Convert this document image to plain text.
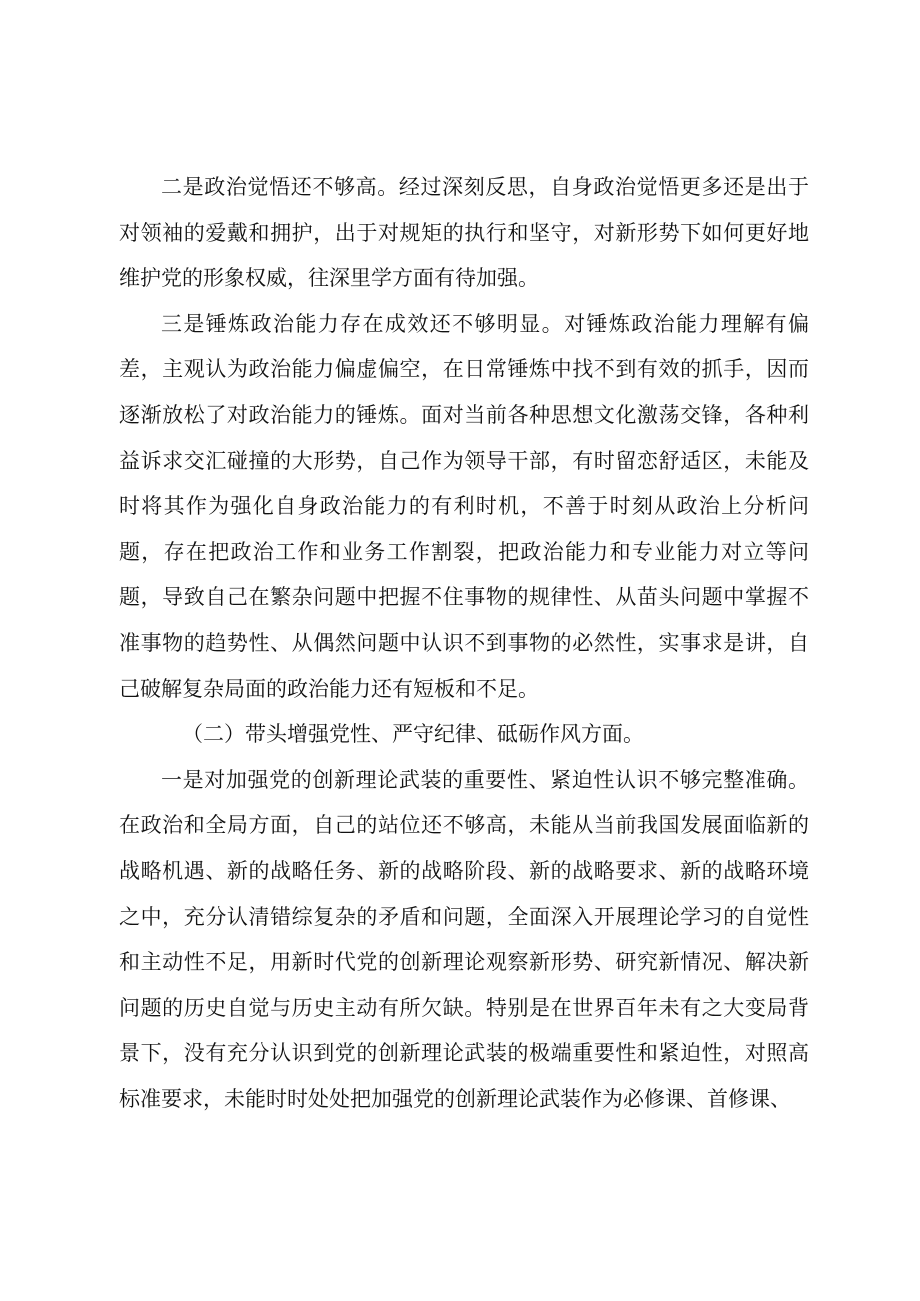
二是政治觉悟还不够高。经过深刻反思，自身政治觉悟更多还是出于对领袖的爱戴和拥护，出于对规矩的执行和坚守，对新形势下如何更好地维护党的形象权威，往深里学方面有待加强。

三是锤炼政治能力存在成效还不够明显。对锤炼政治能力理解有偏差，主观认为政治能力偏虚偏空，在日常锤炼中找不到有效的抓手，因而逐渐放松了对政治能力的锤炼。面对当前各种思想文化激荡交锋，各种利益诉求交汇碰撞的大形势，自己作为领导干部，有时留恋舒适区，未能及时将其作为强化自身政治能力的有利时机，不善于时刻从政治上分析问题，存在把政治工作和业务工作割裂，把政治能力和专业能力对立等问题，导致自己在繁杂问题中把握不住事物的规律性、从苗头问题中掌握不准事物的趋势性、从偶然问题中认识不到事物的必然性，实事求是讲，自己破解复杂局面的政治能力还有短板和不足。

（二）带头增强党性、严守纪律、砥砺作风方面。

一是对加强党的创新理论武装的重要性、紧迫性认识不够完整准确。在政治和全局方面，自己的站位还不够高，未能从当前我国发展面临新的战略机遇、新的战略任务、新的战略阶段、新的战略要求、新的战略环境之中，充分认清错综复杂的矛盾和问题，全面深入开展理论学习的自觉性和主动性不足，用新时代党的创新理论观察新形势、研究新情况、解决新问题的历史自觉与历史主动有所欠缺。特别是在世界百年未有之大变局背景下，没有充分认识到党的创新理论武装的极端重要性和紧迫性，对照高标准要求，未能时时处处把加强党的创新理论武装作为必修课、首修课、
